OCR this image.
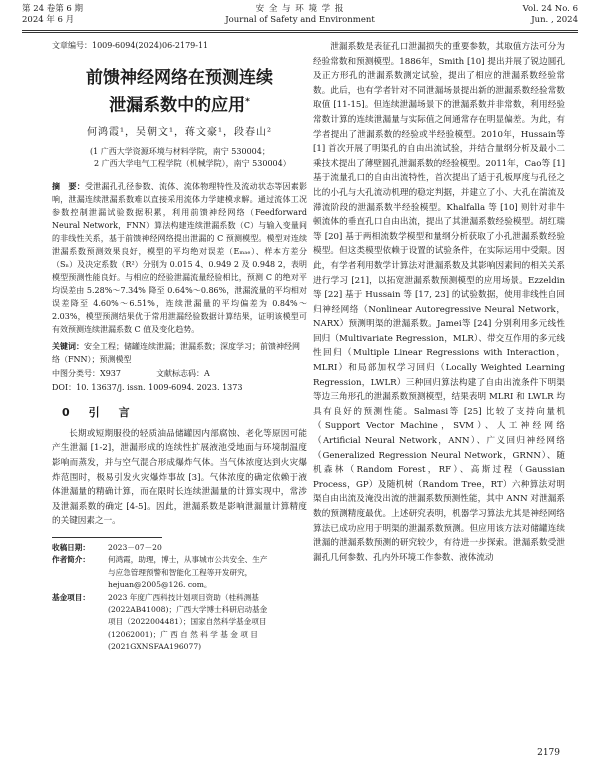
第 24 卷第 6 期
2024 年 6 月
安 全 与 环 境 学 报
Journal of Safety and Environment
Vol. 24 No. 6
Jun. , 2024
文章编号：1009-6094(2024)06-2179-11
前馈神经网络在预测连续
泄漏系数中的应用*
何鸿霞¹，吴朝文¹，蒋文豪¹，段春山²
(1 广西大学资源环境与材料学院，南宁 530004；
2 广西大学电气工程学院（机械学院），南宁 530004）
摘　要：受泄漏孔孔径参数、流体、流体物理特性及流动状态等因素影响，泄漏连续泄漏系数难以直接采用流体力学建模求解。通过流体工况参数控制泄漏试验数据积累，利用前馈神经网络（Feedforward Neural Network，FNN）算法构建连续泄漏系数（C）与输入变量间的非线性关系，基于前馈神经网络提出泄漏的 C 预测模型。模型对连续泄漏系数预测效果良好，模型的平均绝对误差（Eₘₐₑ）、样本方差分（Sₙ）及决定系数（R²）分别为 0.015 4、0.949 2 及 0.948 2，表明模型预测性能良好。与相应的经验泄漏流量经验相比，预测 C 的绝对平均误差由 5.28%～7.34% 降至 0.64%～0.86%，泄漏流量的平均相对误差降至 4.60%～6.51%，连续泄漏量的平均偏差为 0.84%～2.03%，模型预测结果优于常用泄漏经验数据计算结果，证明该模型可有效预测连续泄漏系数 C 值及变化趋势。
关键词：安全工程；储罐连续泄漏；泄漏系数；深度学习；前馈神经网络（FNN）；预测模型
中图分类号：X937	文献标志码：A
DOI：10. 13637/j. issn. 1009-6094. 2023. 1373
0　引　言

长期或短期服役的轻质油品储罐因内部腐蚀、老化等原因可能产生泄漏 [1-2]，泄漏形成的连续性扩展液池受地面与环境制温度影响而蒸发，并与空气混合形成爆炸气体。当气体浓度达到火灾爆炸范围时，极易引发火灾爆炸事故 [3]。气体浓度的确定依赖于液体泄漏量的精确计算，而在限时长连续泄漏量的计算实现中，常涉及泄漏系数的确定 [4-5]。因此，泄漏系数是影响泄漏量计算精度的关键因素之一。

收稿日期： 2023－07－20
作者简介： 何鸿霞，助理，博士，从事城市公共安全、生产
与应急管理预警和智能化工程等开发研究，
hejuan@2005@126. com。
基金项目： 2023 年度广西科技计划项目资助（桂科测基
(2022AB41008)；广西大学博士科研启动基金
项目（2022004481）；国家自然科学基金项目
(12062001)；广 西 自 然 科 学 基 金 项 目
(2021GXNSFAA196077)

泄漏系数是表征孔口泄漏损失的重要参数，其取值方法可分为经验常数和预测模型。1886年，Smith [10] 提出并展了锐边圆孔及正方形孔的泄漏系数测定试验，提出了相应的泄漏系数经验常数。此后，也有学者针对不同泄漏场景提出新的泄漏系数经验常数取值 [11-15]。但连续泄漏场景下的泄漏系数并非常数，利用经验常数计算的连续泄漏量与实际值之间通常存在明显偏差。为此，有学者提出了泄漏系数的经验或半经验模型。2010年，Hussain等 [1] 首次开展了明渠孔的自由出流试验，并结合量纲分析及最小二乘技术提出了薄壁圆孔泄漏系数的经验模型。2011年，Cao等 [1] 基于流量孔口的自由出流特性，首次提出了适于孔板厚度与孔径之比的小孔与大孔流动机理的稳定判据，并建立了小、大孔在湍流及滞流阶段的泄漏系数半经验模型。Khalfalla 等 [10] 则针对非牛顿流体的垂直孔口自由出流，提出了其泄漏系数经验模型。胡红瑞等 [20] 基于两相流数学模型和量纲分析获取了小孔泄漏系数经验模型。但这类模型依赖于设置的试验条件，在实际运用中受限。因此，有学者利用数学计算法对泄漏系数及其影响因素间的相关关系进行学习 [21]，以拓宽泄漏系数预测模型的应用场景。Ezzeldin 等 [22] 基于 Hussain 等 [17, 23] 的试验数据，使用非线性自回归神经网络（Nonlinear Autoregressive Neural Network，NARX）预测明渠的泄漏系数。Jamei等 [24] 分别利用多元线性回归（Multivariate Regression，MLR）、带交互作用的多元线性回归（Multiple Linear Regressions with Interaction，MLRI）和局部加权学习回归（Locally Weighted Learning Regression，LWLR）三种回归算法构建了自由出流条件下明渠等边三角形孔的泄漏系数预测模型，结果表明 MLRI 和 LWLR 均具有良好的预测性能。Salmasi等 [25] 比较了支持向量机（Support Vector Machine，SVM）、人工神经网络（Artificial Neural Network，ANN）、广义回归神经网络（Generalized Regression Neural Network，GRNN）、随机森林（Random Forest，RF）、高斯过程（Gaussian Process，GP）及随机树（Random Tree，RT）六种算法对明渠自由出流及淹没出流的泄漏系数预测性能，其中 ANN 对泄漏系数的预测精度最优。上述研究表明，机器学习算法尤其是神经网络算法已成功应用于明渠的泄漏系数预测。但应用该方法对储罐连续泄漏的泄漏系数预测的研究较少，有待进一步探索。泄漏系数受泄漏孔几何参数、孔内外环境工作参数、液体流动

2179
